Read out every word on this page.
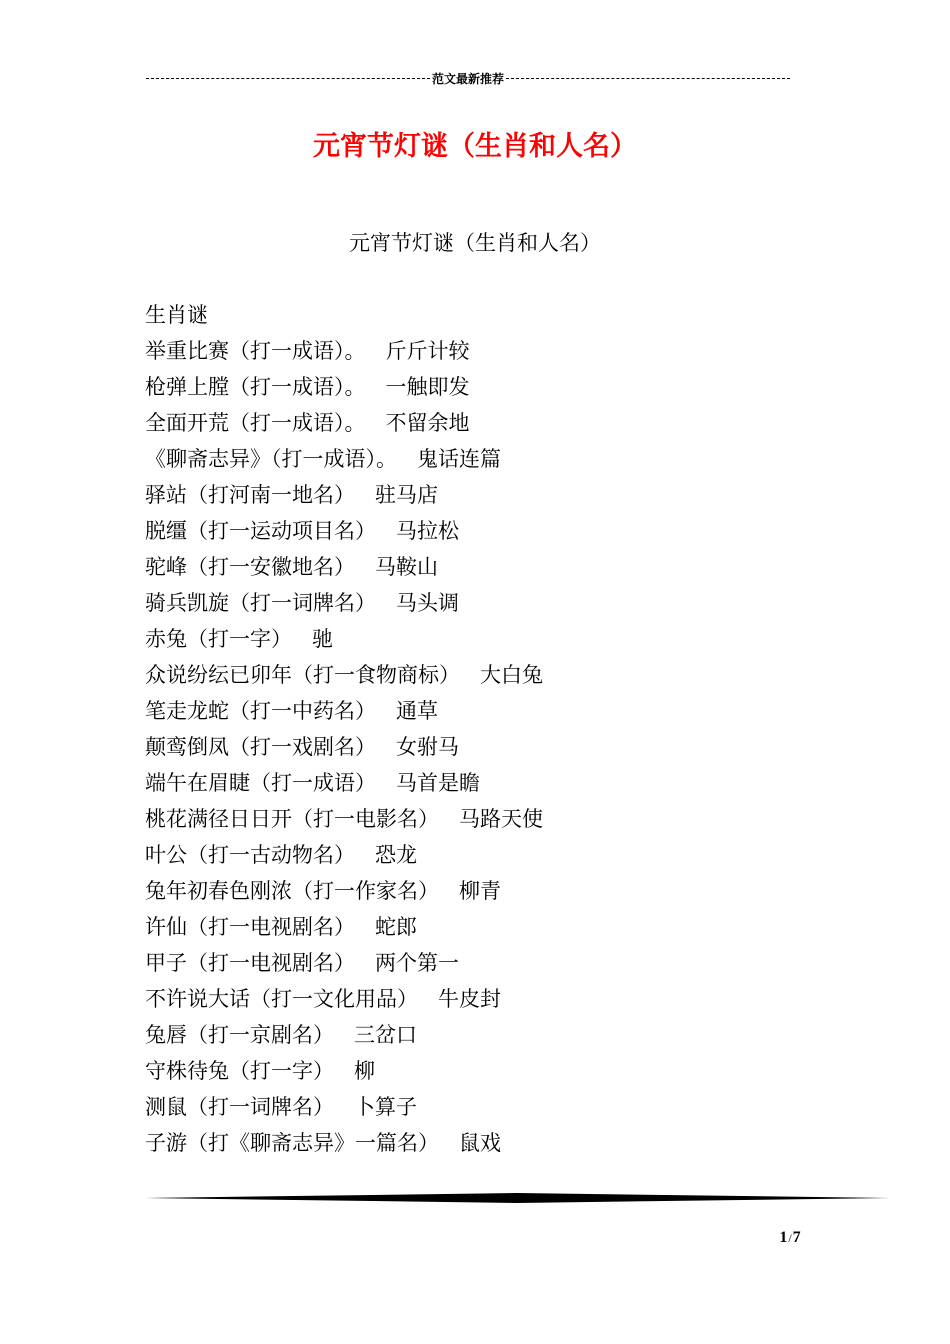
范文最新推荐
元宵节灯谜（生肖和人名）
元宵节灯谜（生肖和人名）
生肖谜
举重比赛（打一成语）。 斤斤计较
枪弹上膛（打一成语）。 一触即发
全面开荒（打一成语）。 不留余地
《聊斋志异》（打一成语）。 鬼话连篇
驿站（打河南一地名） 驻马店
脱缰（打一运动项目名） 马拉松
驼峰（打一安徽地名） 马鞍山
骑兵凯旋（打一词牌名） 马头调
赤兔（打一字） 驰
众说纷纭已卯年（打一食物商标） 大白兔
笔走龙蛇（打一中药名） 通草
颠鸾倒凤（打一戏剧名） 女驸马
端午在眉睫（打一成语） 马首是瞻
桃花满径日日开（打一电影名） 马路天使
叶公（打一古动物名） 恐龙
兔年初春色刚浓（打一作家名） 柳青
许仙（打一电视剧名） 蛇郎
甲子（打一电视剧名） 两个第一
不许说大话（打一文化用品） 牛皮封
兔唇（打一京剧名） 三岔口
守株待兔（打一字） 柳
测鼠（打一词牌名） 卜算子
子游（打《聊斋志异》一篇名） 鼠戏
1/7
